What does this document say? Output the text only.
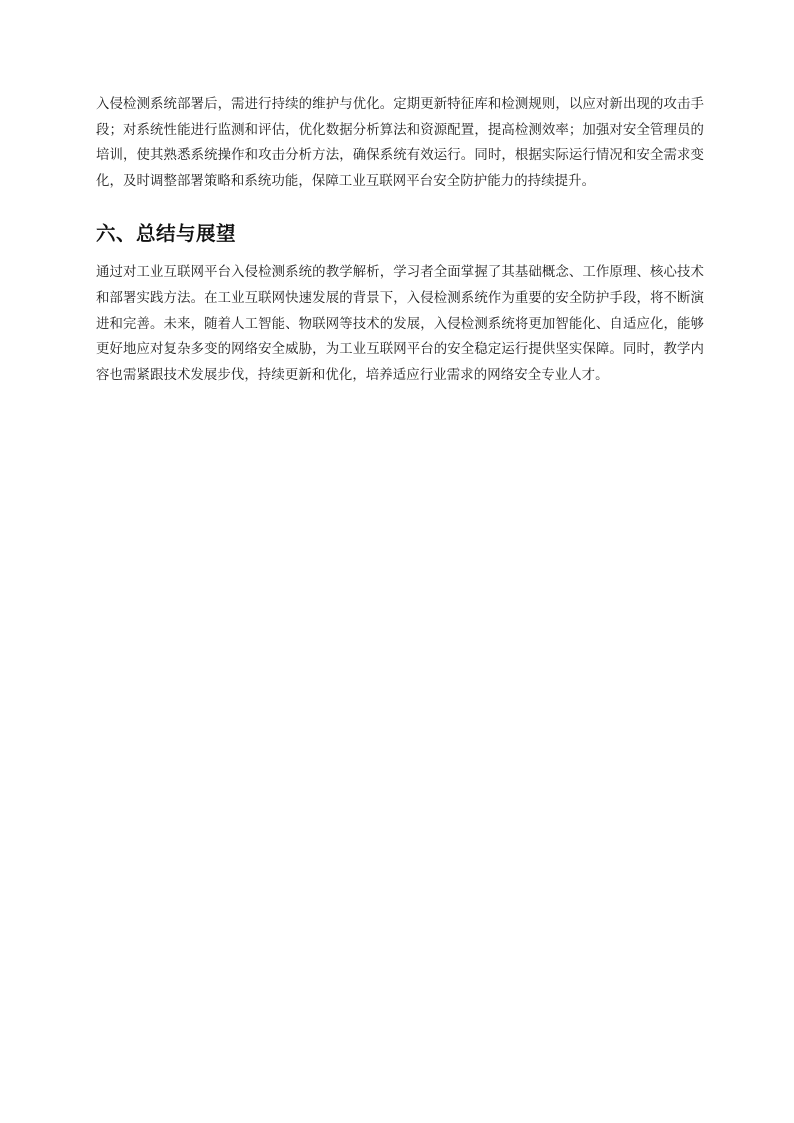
入侵检测系统部署后，需进行持续的维护与优化。定期更新特征库和检测规则，以应对新出现的攻击手段；对系统性能进行监测和评估，优化数据分析算法和资源配置，提高检测效率；加强对安全管理员的培训，使其熟悉系统操作和攻击分析方法，确保系统有效运行。同时，根据实际运行情况和安全需求变化，及时调整部署策略和系统功能，保障工业互联网平台安全防护能力的持续提升。

六、总结与展望

通过对工业互联网平台入侵检测系统的教学解析，学习者全面掌握了其基础概念、工作原理、核心技术和部署实践方法。在工业互联网快速发展的背景下，入侵检测系统作为重要的安全防护手段，将不断演进和完善。未来，随着人工智能、物联网等技术的发展，入侵检测系统将更加智能化、自适应化，能够更好地应对复杂多变的网络安全威胁，为工业互联网平台的安全稳定运行提供坚实保障。同时，教学内容也需紧跟技术发展步伐，持续更新和优化，培养适应行业需求的网络安全专业人才。
